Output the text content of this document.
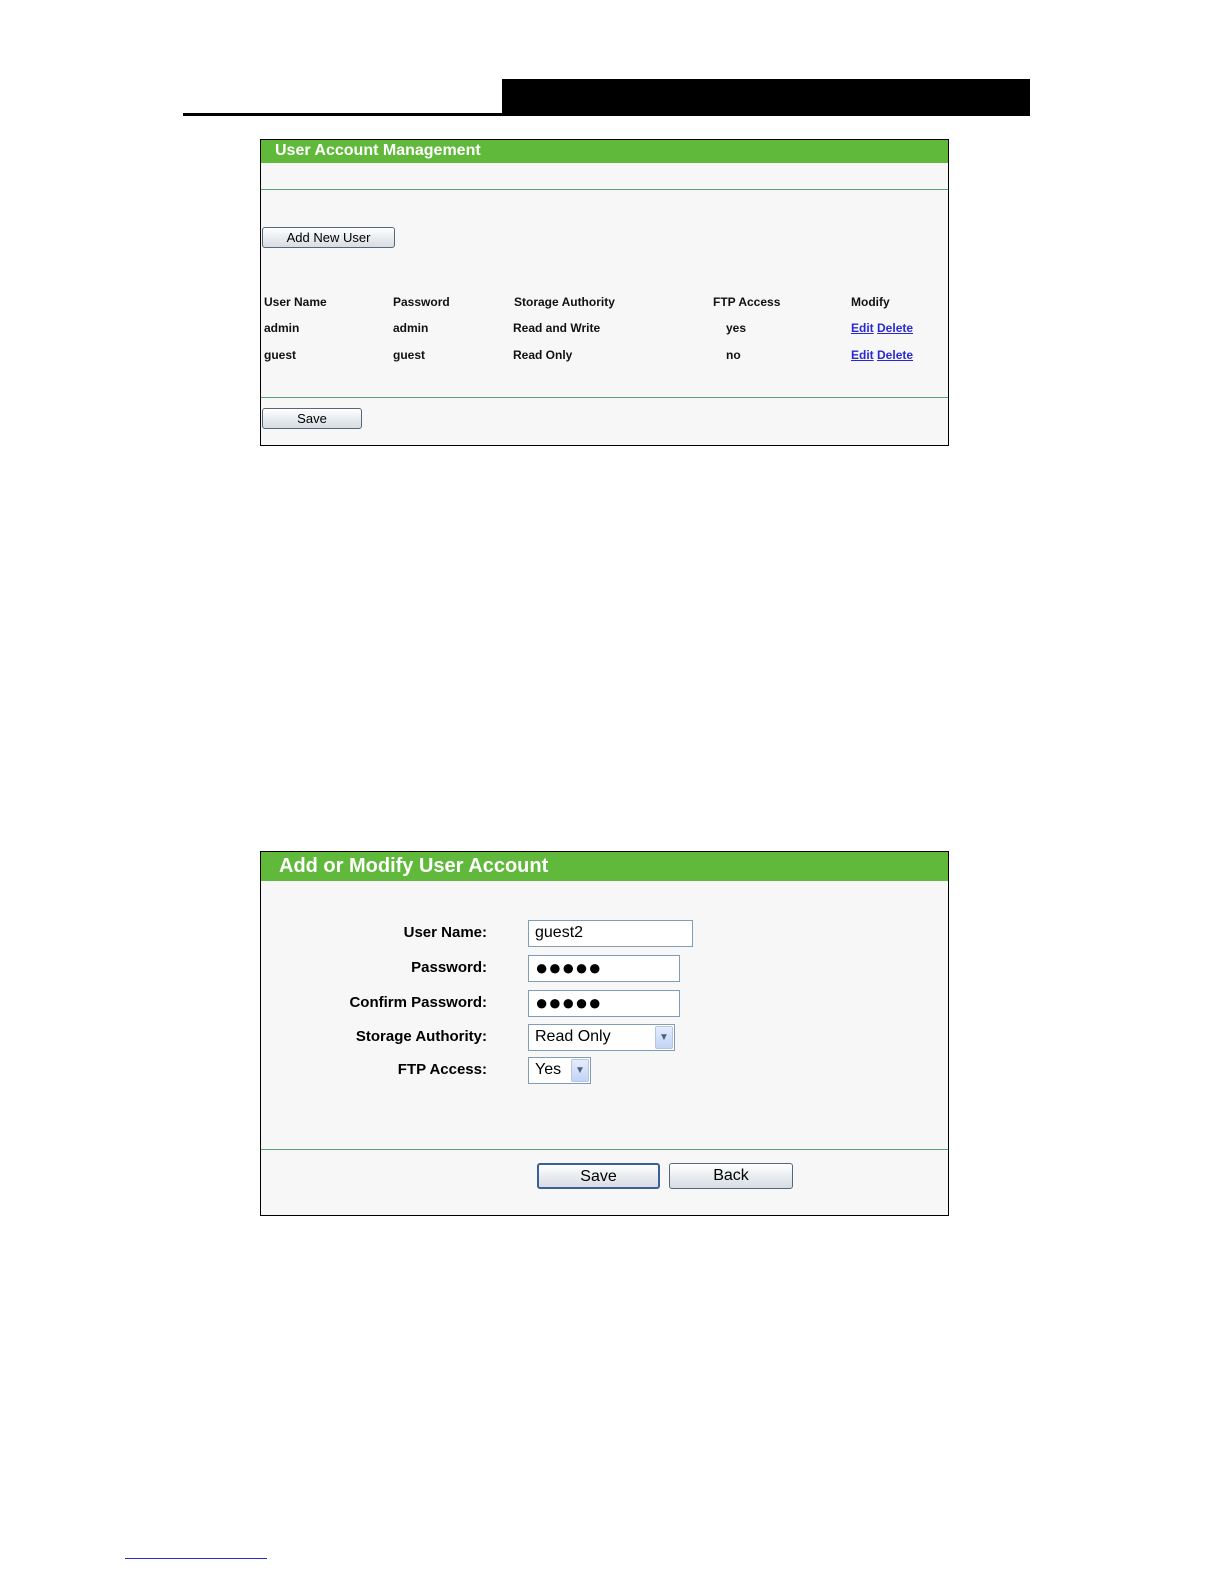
User Account Management
Add New User
User Name	Password	Storage Authority	FTP Access	Modify
admin	admin	Read and Write	yes	Edit Delete
guest	guest	Read Only	no	Edit Delete
Save
Add or Modify User Account
User Name:	guest2
Password:	●●●●●
Confirm Password:	●●●●●
Storage Authority:	Read Only	▼
FTP Access:	Yes	▼
Save	Back
